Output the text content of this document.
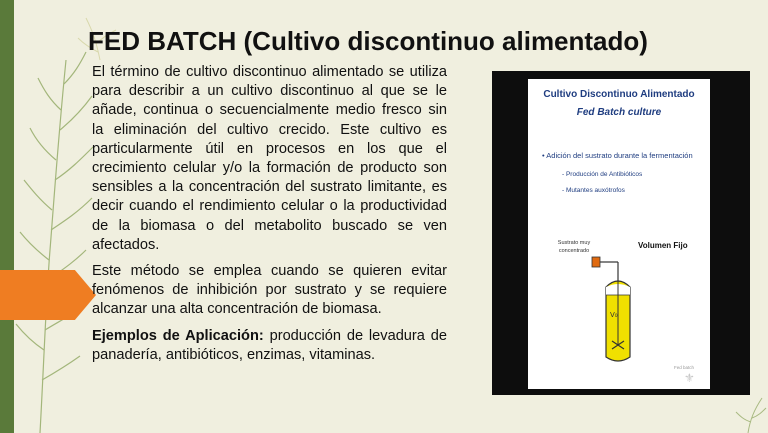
FED BATCH (Cultivo discontinuo alimentado)

El término de cultivo discontinuo alimentado se utiliza para describir a un cultivo discontinuo al que se le añade, continua o secuencialmente medio fresco sin la eliminación del cultivo crecido. Este cultivo es particularmente útil en procesos en los que el crecimiento celular y/o la formación de producto son sensibles a la concentración del sustrato limitante, es decir cuando el rendimiento celular o la productividad de la biomasa o del metabolito buscado se ven afectados.

Este método se emplea cuando se quieren evitar fenómenos de inhibición por sustrato y se requiere alcanzar una alta concentración de biomasa.

Ejemplos de Aplicación: producción de levadura de panadería, antibióticos, enzimas, vitaminas.

Cultivo Discontinuo Alimentado
Fed Batch culture
• Adición del sustrato durante la fermentación
- Producción de Antibióticos
- Mutantes auxótrofos
Sustrato muy concentrado
Volumen Fijo
V₀
Fed batch
⚜
